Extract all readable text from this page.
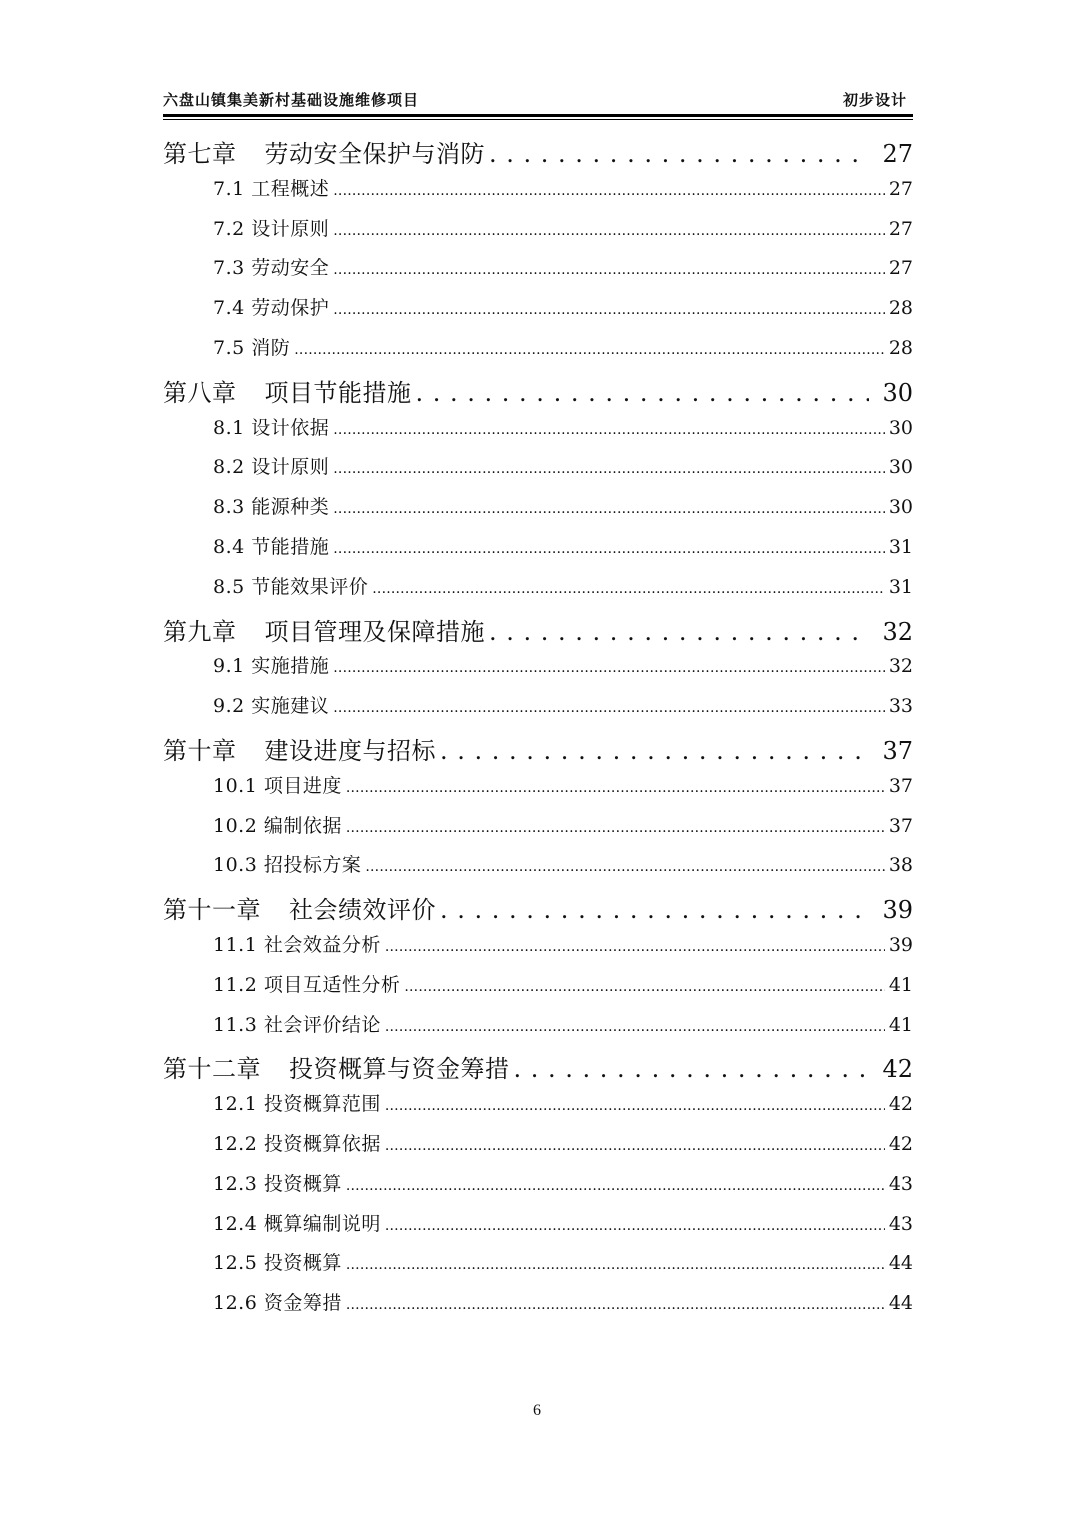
六盘山镇集美新村基础设施维修项目	初步设计
第七章 劳动安全保护与消防 . . .	27
7.1 工程概述 .....	27
7.2 设计原则 .....	27
7.3 劳动安全 .....	27
7.4 劳动保护 .....	28
7.5 消防 .....	28
第八章 项目节能措施 . . .	30
8.1 设计依据 .....	30
8.2 设计原则 .....	30
8.3 能源种类 .....	30
8.4 节能措施 .....	31
8.5 节能效果评价 .....	31
第九章 项目管理及保障措施 . . .	32
9.1 实施措施 .....	32
9.2 实施建议 .....	33
第十章 建设进度与招标 . . .	37
10.1 项目进度 .....	37
10.2 编制依据 .....	37
10.3 招投标方案 .....	38
第十一章 社会绩效评价 . . .	39
11.1 社会效益分析 .....	39
11.2 项目互适性分析 .....	41
11.3 社会评价结论 .....	41
第十二章 投资概算与资金筹措 . . .	42
12.1 投资概算范围 .....	42
12.2 投资概算依据 .....	42
12.3 投资概算 .....	43
12.4 概算编制说明 .....	43
12.5 投资概算 .....	44
12.6 资金筹措 .....	44
6
